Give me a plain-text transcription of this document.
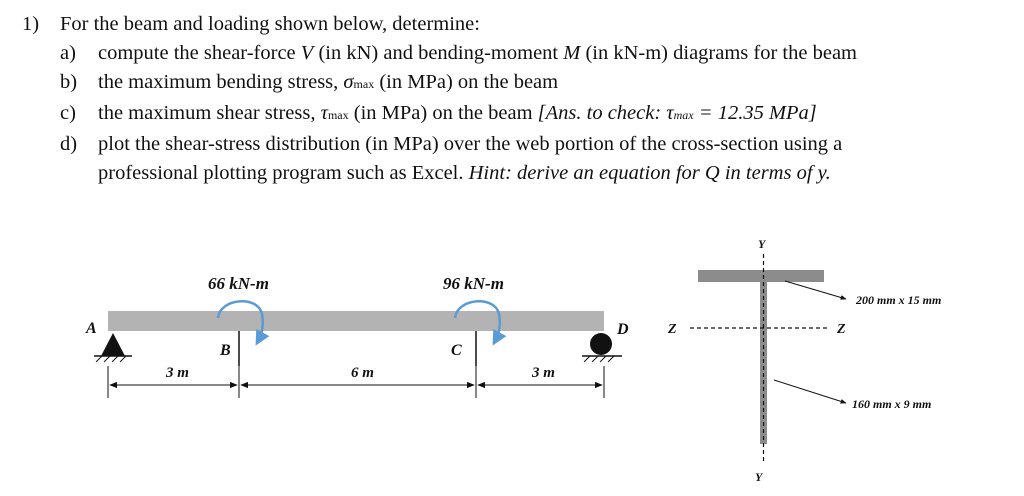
1)	For the beam and loading shown below, determine:
a)	compute the shear-force V (in kN) and bending-moment M (in kN-m) diagrams for the beam
b)	the maximum bending stress, σmax (in MPa) on the beam
c)	the maximum shear stress, τmax (in MPa) on the beam [Ans. to check: τmax = 12.35 MPa]
d)	plot the shear-stress distribution (in MPa) over the web portion of the cross-section using a
professional plotting program such as Excel. Hint: derive an equation for Q in terms of y.
66 kN-m	96 kN-m
A
B	C
D
3 m	6 m	3 m
Y
Y
Z	Z
200 mm x 15 mm
160 mm x 9 mm
